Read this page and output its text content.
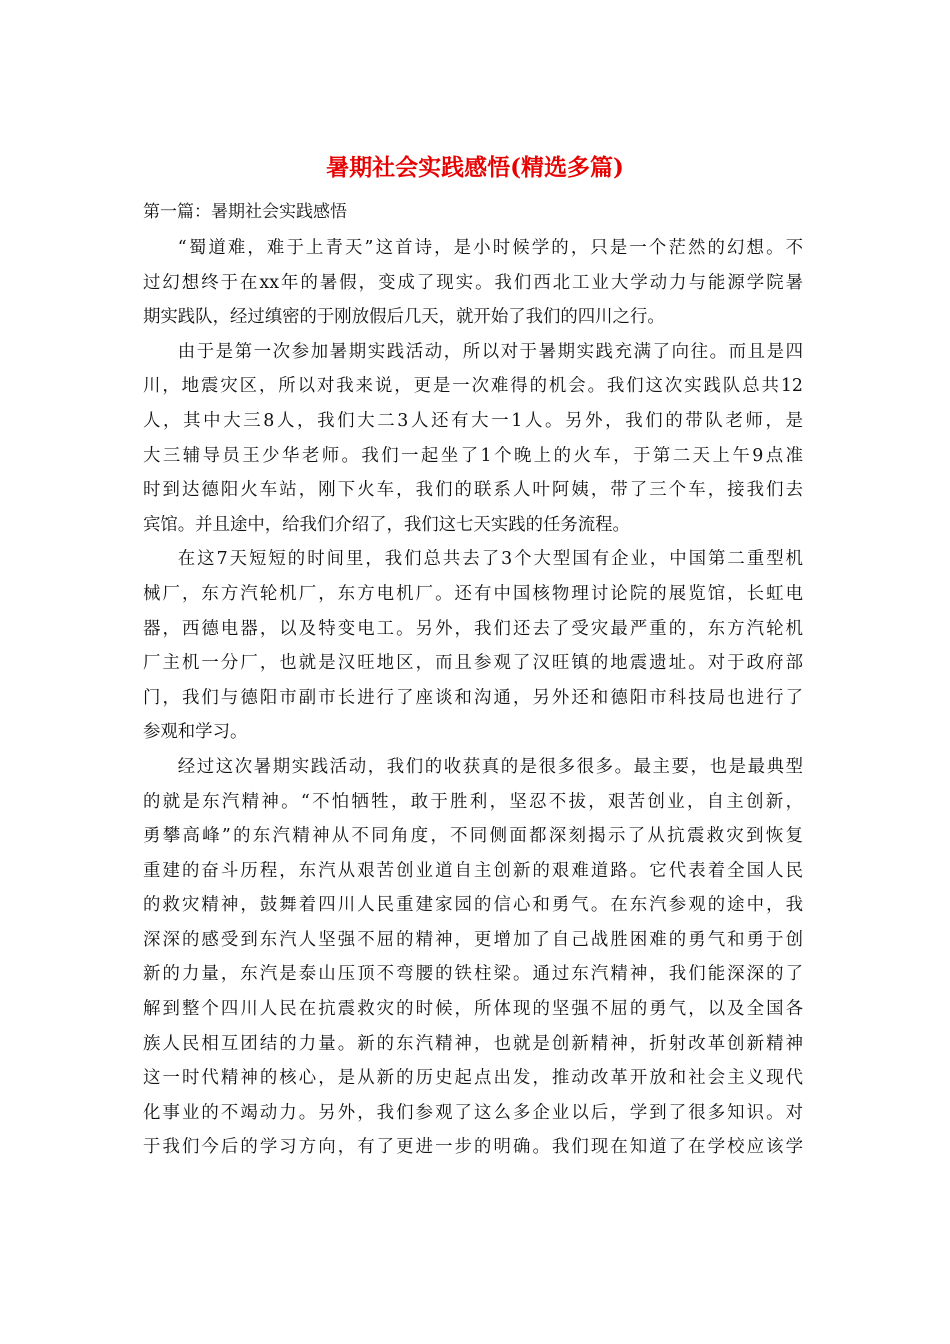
暑期社会实践感悟(精选多篇)
第一篇：暑期社会实践感悟

“蜀道难，难于上青天”这首诗，是小时候学的，只是一个茫然的幻想。不
过幻想终于在xx年的暑假，变成了现实。我们西北工业大学动力与能源学院暑
期实践队，经过缜密的于刚放假后几天，就开始了我们的四川之行。

由于是第一次参加暑期实践活动，所以对于暑期实践充满了向往。而且是四
川，地震灾区，所以对我来说，更是一次难得的机会。我们这次实践队总共12
人，其中大三8人，我们大二3人还有大一1人。另外，我们的带队老师，是
大三辅导员王少华老师。我们一起坐了1个晚上的火车，于第二天上午9点准
时到达德阳火车站，刚下火车，我们的联系人叶阿姨，带了三个车，接我们去
宾馆。并且途中，给我们介绍了，我们这七天实践的任务流程。

在这7天短短的时间里，我们总共去了3个大型国有企业，中国第二重型机
械厂，东方汽轮机厂，东方电机厂。还有中国核物理讨论院的展览馆，长虹电
器，西德电器，以及特变电工。另外，我们还去了受灾最严重的，东方汽轮机
厂主机一分厂，也就是汉旺地区，而且参观了汉旺镇的地震遗址。对于政府部
门，我们与德阳市副市长进行了座谈和沟通，另外还和德阳市科技局也进行了
参观和学习。

经过这次暑期实践活动，我们的收获真的是很多很多。最主要，也是最典型
的就是东汽精神。“不怕牺牲，敢于胜利，坚忍不拔，艰苦创业，自主创新，
勇攀高峰”的东汽精神从不同角度，不同侧面都深刻揭示了从抗震救灾到恢复
重建的奋斗历程，东汽从艰苦创业道自主创新的艰难道路。它代表着全国人民
的救灾精神，鼓舞着四川人民重建家园的信心和勇气。在东汽参观的途中，我
深深的感受到东汽人坚强不屈的精神，更增加了自己战胜困难的勇气和勇于创
新的力量，东汽是泰山压顶不弯腰的铁柱梁。通过东汽精神，我们能深深的了
解到整个四川人民在抗震救灾的时候，所体现的坚强不屈的勇气，以及全国各
族人民相互团结的力量。新的东汽精神，也就是创新精神，折射改革创新精神
这一时代精神的核心，是从新的历史起点出发，推动改革开放和社会主义现代
化事业的不竭动力。另外，我们参观了这么多企业以后，学到了很多知识。对
于我们今后的学习方向，有了更进一步的明确。我们现在知道了在学校应该学
